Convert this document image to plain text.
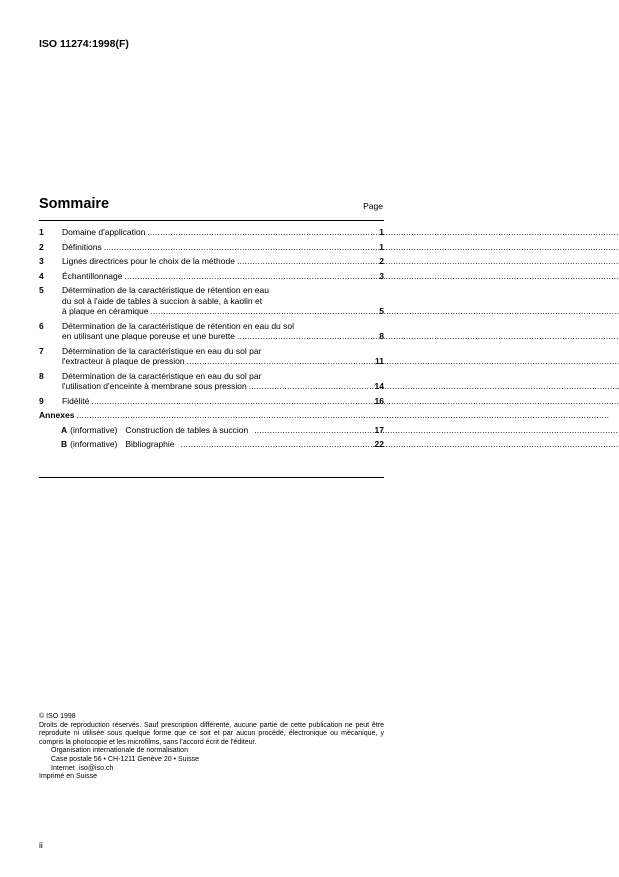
ISO 11274:1998(F)
Sommaire	Page
1	Domaine d'application .....	1
2	Définitions .....	1
3	Lignes directrices pour le choix de la méthode .....	2
4	Échantillonnage .....	3
5	Détermination de la caractéristique de rétention en eau
du sol à l'aide de tables à succion à sable, à kaolin et
à plaque en céramique .....	5
6	Détermination de la caractéristique de rétention en eau du sol
en utilisant une plaque poreuse et une burette .....	8
7	Détermination de la caractéristique en eau du sol par
l'extracteur à plaque de pression .....	11
8	Détermination de la caractéristique en eau du sol par
l'utilisation d'enceinte à membrane sous pression .....	14
9	Fidélité .....	16
Annexes
.....
A (informative) Construction de tables à succion .....	17
B (informative) Bibliographie .....	22
© ISO 1998
Droits de reproduction réservés. Sauf prescription différente, aucune partie de cette publication ne peut être reproduite ni utilisée sous quelque forme que ce soit et par aucun procédé, électronique ou mécanique, y compris la photocopie et les microfilms, sans l'accord écrit de l'éditeur.
Organisation internationale de normalisation
Case postale 56 • CH-1211 Genève 20 • Suisse
Internet iso@iso.ch
Imprimé en Suisse
ii
